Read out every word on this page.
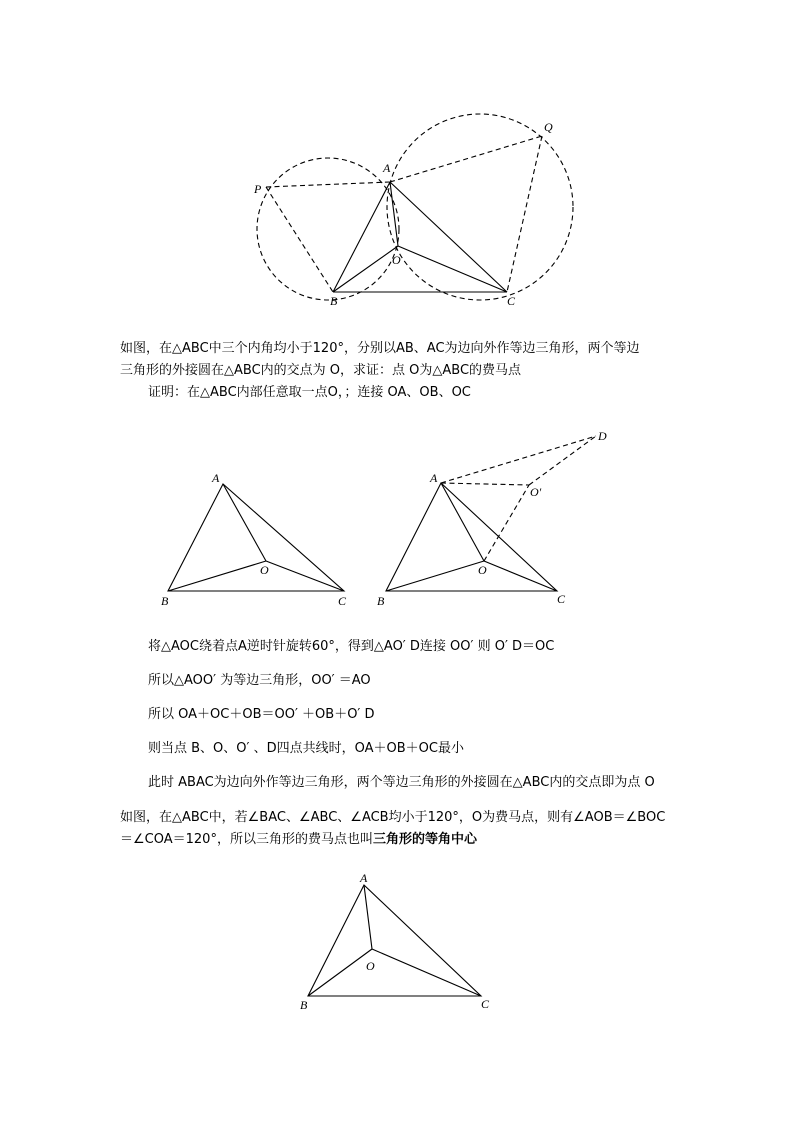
P
A
Q
O
B	C
如图，在△ABC中三个内角均小于120°，分别以AB、AC为边向外作等边三角形，两个等边
三角形的外接圆在△ABC内的交点为 O，求证：点 O为△ABC的费马点
证明：在△ABC内部任意取一点O，；连接 OA、OB、OC
A
O
B	C
A
O
O'
D
B	C
将△AOC绕着点A逆时针旋转60°，得到△AO′ D连接 OO′ 则 O′ D＝OC
所以△AOO′ 为等边三角形，OO′ ＝AO
所以 OA＋OC＋OB＝OO′ ＋OB＋O′ D
则当点 B、O、O′ 、D四点共线时，OA＋OB＋OC最小
此时 ABAC为边向外作等边三角形，两个等边三角形的外接圆在△ABC内的交点即为点 O
如图，在△ABC中，若∠BAC、∠ABC、∠ACB均小于120°，O为费马点，则有∠AOB＝∠BOC
＝∠COA＝120°，所以三角形的费马点也叫三角形的等角中心
A
O
B	C
